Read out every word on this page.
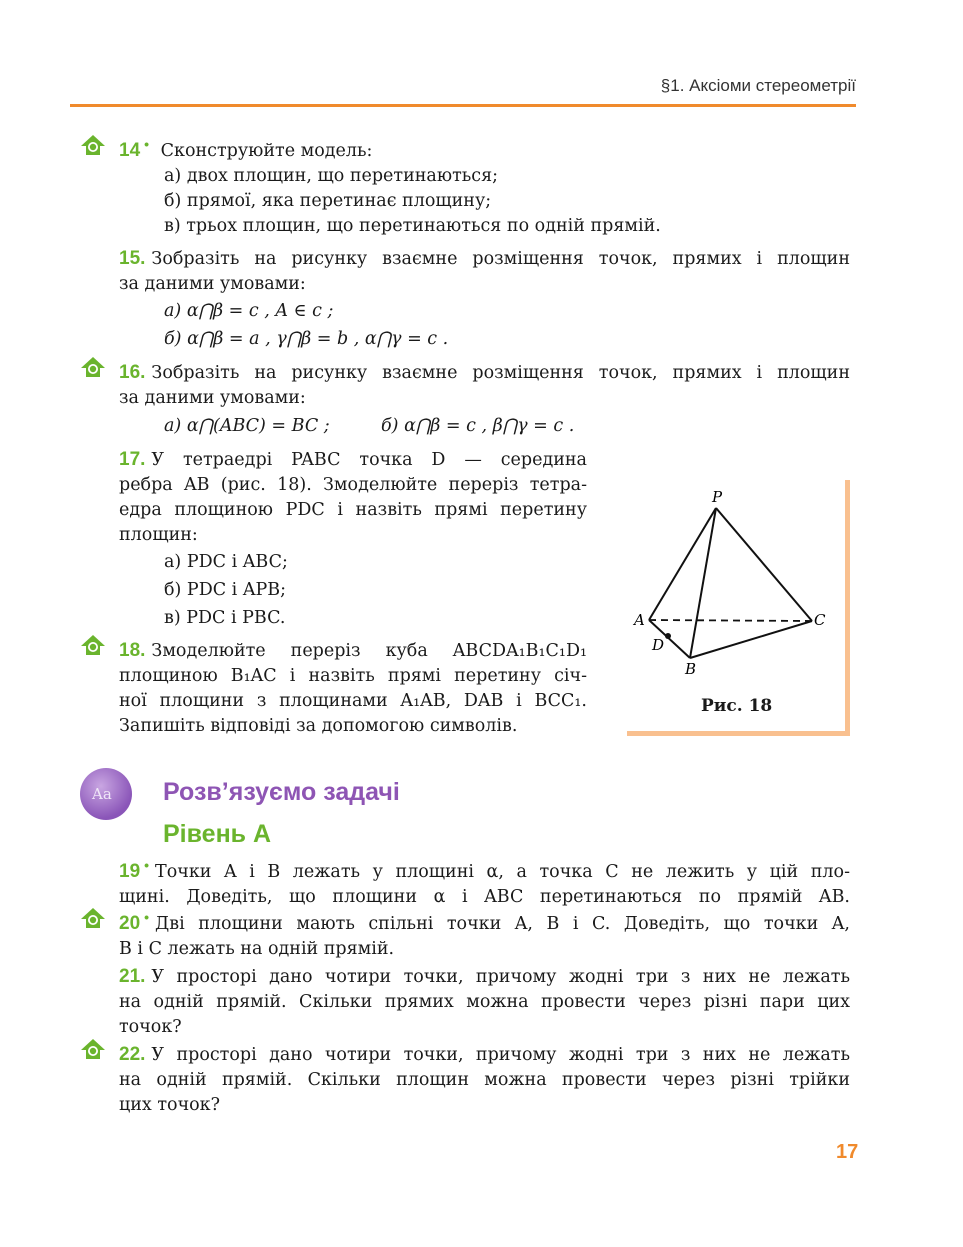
§1. Аксіоми стереометрії
14 • Сконструюйте модель:
а) двох площин, що перетинаються;
б) прямої, яка перетинає площину;
в) трьох площин, що перетинаються по одній прямій.
15. Зобразіть на рисунку взаємне розміщення точок, прямих і площин
за даними умовами:
а) α⋂β = c , A ∈ c ;
б) α⋂β = a , γ⋂β = b , α⋂γ = c .
16. Зобразіть на рисунку взаємне розміщення точок, прямих і площин
за даними умовами:
а) α⋂(ABC) = BC ;	б) α⋂β = c , β⋂γ = c .
17. У тетраедрі PABC точка D — середина
ребра AB (рис. 18). Змоделюйте переріз тетра-
едра площиною PDC і назвіть прямі перетину
площин:
а) PDC і ABC;
б) PDC і APB;
в) PDC і PBC.
18. Змоделюйте переріз куба ABCDA₁B₁C₁D₁
площиною B₁AC і назвіть прямі перетину січ-
ної площини з площинами A₁AB, DAB і BCC₁.
Запишіть відповіді за допомогою символів.
P
A
D
B
C
Рис. 18
Aa Розв’язуємо задачі
Рівень А
19 • Точки A і B лежать у площині α, а точка C не лежить у цій пло-
щині. Доведіть, що площини α і ABC перетинаються по прямій AB.
20 • Дві площини мають спільні точки A, B і C. Доведіть, що точки A,
B і C лежать на одній прямій.
21. У просторі дано чотири точки, причому жодні три з них не лежать
на одній прямій. Скільки прямих можна провести через різні пари цих
точок?
22. У просторі дано чотири точки, причому жодні три з них не лежать
на одній прямій. Скільки площин можна провести через різні трійки
цих точок?
17
